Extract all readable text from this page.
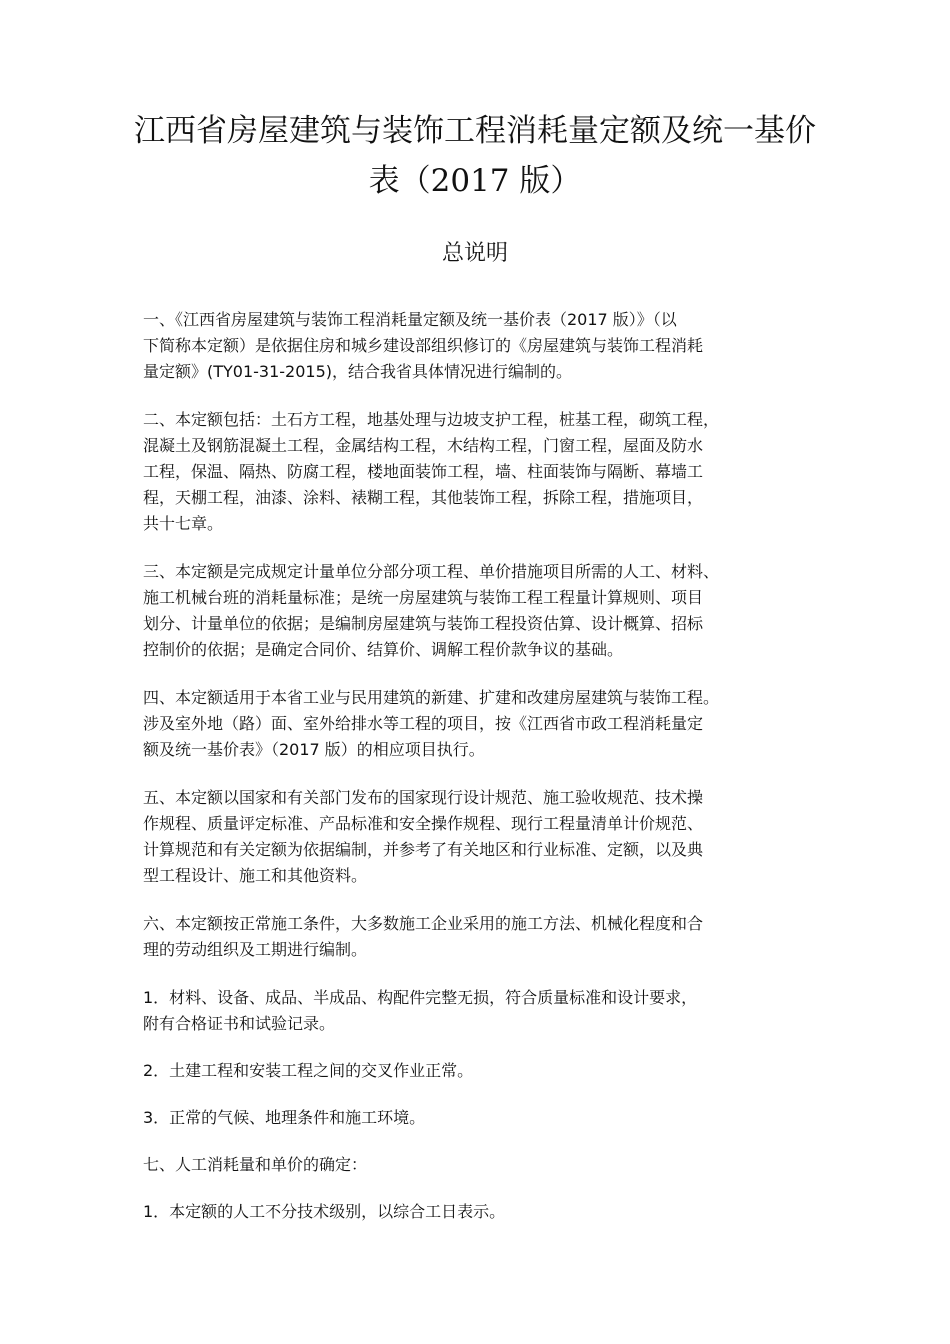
江西省房屋建筑与装饰工程消耗量定额及统一基价
表（2017 版）
总说明
一、《江西省房屋建筑与装饰工程消耗量定额及统一基价表（2017 版）》（以
下简称本定额）是依据住房和城乡建设部组织修订的《房屋建筑与装饰工程消耗
量定额》(TY01-31-2015)，结合我省具体情况进行编制的。
二、本定额包括：土石方工程，地基处理与边坡支护工程，桩基工程，砌筑工程，
混凝土及钢筋混凝土工程，金属结构工程，木结构工程，门窗工程，屋面及防水
工程，保温、隔热、防腐工程，楼地面装饰工程，墙、柱面装饰与隔断、幕墙工
程，天棚工程，油漆、涂料、裱糊工程，其他装饰工程，拆除工程，措施项目，
共十七章。
三、本定额是完成规定计量单位分部分项工程、单价措施项目所需的人工、材料、
施工机械台班的消耗量标准；是统一房屋建筑与装饰工程工程量计算规则、项目
划分、计量单位的依据；是编制房屋建筑与装饰工程投资估算、设计概算、招标
控制价的依据；是确定合同价、结算价、调解工程价款争议的基础。
四、本定额适用于本省工业与民用建筑的新建、扩建和改建房屋建筑与装饰工程。
涉及室外地（路）面、室外给排水等工程的项目，按《江西省市政工程消耗量定
额及统一基价表》（2017 版）的相应项目执行。
五、本定额以国家和有关部门发布的国家现行设计规范、施工验收规范、技术操
作规程、质量评定标准、产品标准和安全操作规程、现行工程量清单计价规范、
计算规范和有关定额为依据编制，并参考了有关地区和行业标准、定额，以及典
型工程设计、施工和其他资料。
六、本定额按正常施工条件，大多数施工企业采用的施工方法、机械化程度和合
理的劳动组织及工期进行编制。
1．材料、设备、成品、半成品、构配件完整无损，符合质量标准和设计要求，
附有合格证书和试验记录。
2．土建工程和安装工程之间的交叉作业正常。
3．正常的气候、地理条件和施工环境。
七、人工消耗量和单价的确定：
1．本定额的人工不分技术级别，以综合工日表示。
